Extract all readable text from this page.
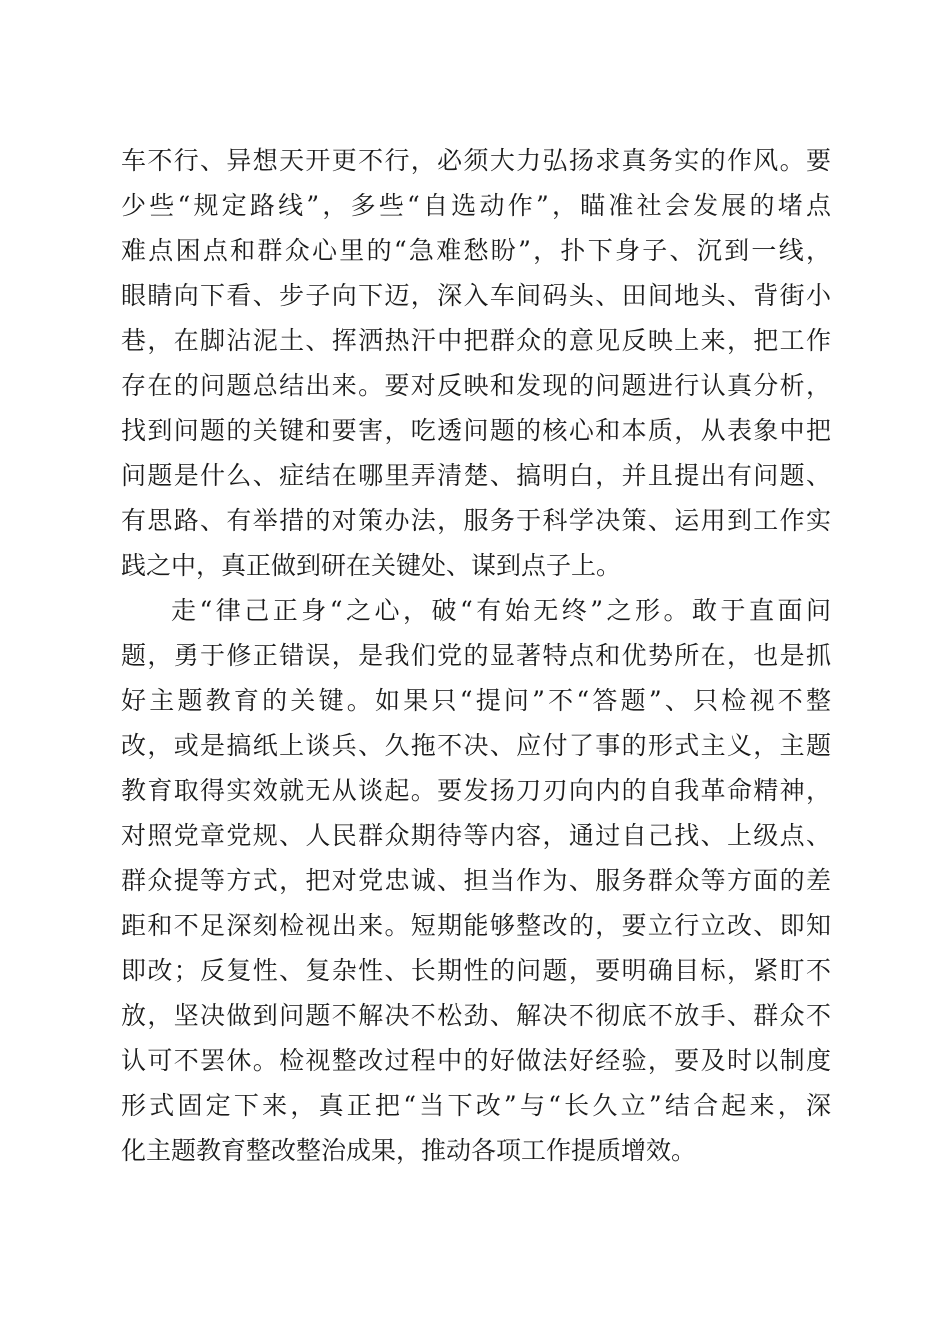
车不行、异想天开更不行，必须大力弘扬求真务实的作风。要
少些“规定路线”，多些“自选动作”，瞄准社会发展的堵点
难点困点和群众心里的“急难愁盼”，扑下身子、沉到一线，
眼睛向下看、步子向下迈，深入车间码头、田间地头、背街小
巷，在脚沾泥土、挥洒热汗中把群众的意见反映上来，把工作
存在的问题总结出来。要对反映和发现的问题进行认真分析，
找到问题的关键和要害，吃透问题的核心和本质，从表象中把
问题是什么、症结在哪里弄清楚、搞明白，并且提出有问题、
有思路、有举措的对策办法，服务于科学决策、运用到工作实
践之中，真正做到研在关键处、谋到点子上。
走“律己正身“之心，破“有始无终”之形。敢于直面问
题，勇于修正错误，是我们党的显著特点和优势所在，也是抓
好主题教育的关键。如果只“提问”不“答题”、只检视不整
改，或是搞纸上谈兵、久拖不决、应付了事的形式主义，主题
教育取得实效就无从谈起。要发扬刀刃向内的自我革命精神，
对照党章党规、人民群众期待等内容，通过自己找、上级点、
群众提等方式，把对党忠诚、担当作为、服务群众等方面的差
距和不足深刻检视出来。短期能够整改的，要立行立改、即知
即改；反复性、复杂性、长期性的问题，要明确目标，紧盯不
放，坚决做到问题不解决不松劲、解决不彻底不放手、群众不
认可不罢休。检视整改过程中的好做法好经验，要及时以制度
形式固定下来，真正把“当下改”与“长久立”结合起来，深
化主题教育整改整治成果，推动各项工作提质增效。
